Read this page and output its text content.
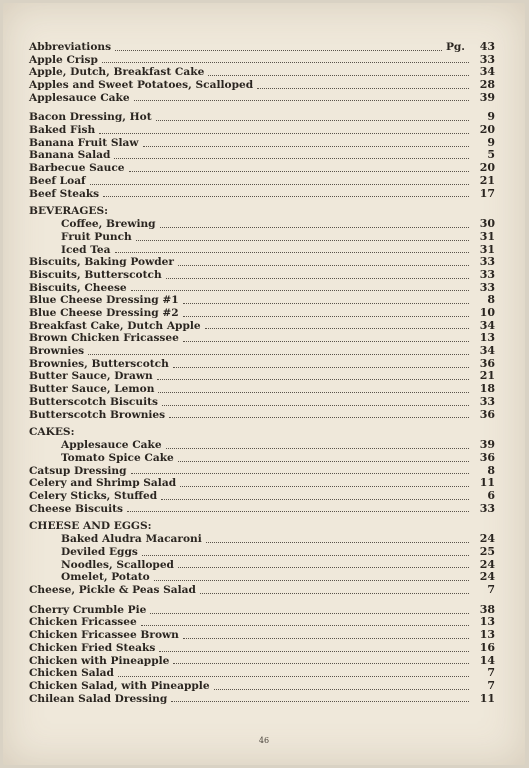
Abbreviations	Pg.	43
Apple Crisp	33
Apple, Dutch, Breakfast Cake	34
Apples and Sweet Potatoes, Scalloped	28
Applesauce Cake	39
Bacon Dressing, Hot	9
Baked Fish	20
Banana Fruit Slaw	9
Banana Salad	5
Barbecue Sauce	20
Beef Loaf	21
Beef Steaks	17
BEVERAGES:
Coffee, Brewing	30
Fruit Punch	31
Iced Tea	31
Biscuits, Baking Powder	33
Biscuits, Butterscotch	33
Biscuits, Cheese	33
Blue Cheese Dressing #1	8
Blue Cheese Dressing #2	10
Breakfast Cake, Dutch Apple	34
Brown Chicken Fricassee	13
Brownies	34
Brownies, Butterscotch	36
Butter Sauce, Drawn	21
Butter Sauce, Lemon	18
Butterscotch Biscuits	33
Butterscotch Brownies	36
CAKES:
Applesauce Cake	39
Tomato Spice Cake	36
Catsup Dressing	8
Celery and Shrimp Salad	11
Celery Sticks, Stuffed	6
Cheese Biscuits	33
CHEESE AND EGGS:
Baked Aludra Macaroni	24
Deviled Eggs	25
Noodles, Scalloped	24
Omelet, Potato	24
Cheese, Pickle & Peas Salad	7
Cherry Crumble Pie	38
Chicken Fricassee	13
Chicken Fricassee Brown	13
Chicken Fried Steaks	16
Chicken with Pineapple	14
Chicken Salad	7
Chicken Salad, with Pineapple	7
Chilean Salad Dressing	11
46
